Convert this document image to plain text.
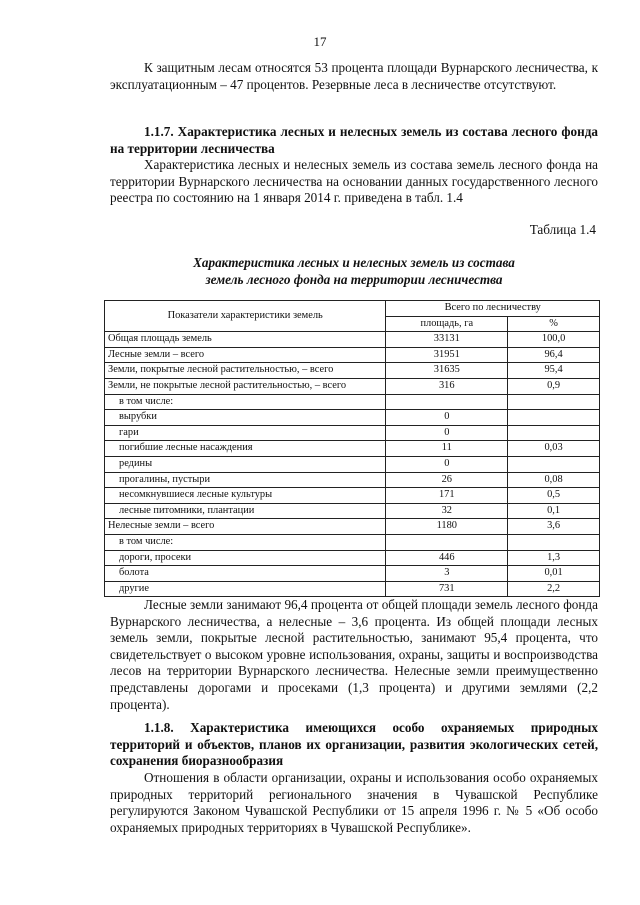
17

К защитным лесам относятся 53 процента площади Вурнарского лесничества, к эксплуатационным – 47 процентов. Резервные леса в лесничестве отсутствуют.

1.1.7. Характеристика лесных и нелесных земель из состава лесного фонда на территории лесничества

Характеристика лесных и нелесных земель из состава земель лесного фонда на территории Вурнарского лесничества на основании данных государственного лесного реестра по состоянию на 1 января 2014 г. приведена в табл. 1.4

Таблица 1.4
Характеристика лесных и нелесных земель из состава
земель лесного фонда на территории лесничества
Показатели характеристики земель	Всего по лесничеству	
	площадь, га	%
Общая площадь земель	33131	100,0
Лесные земли – всего	31951	96,4
Земли, покрытые лесной растительностью, – всего	31635	95,4
Земли, не покрытые лесной растительностью, – всего	316	0,9
в том числе:		
вырубки	0	
гари	0	
погибшие лесные насаждения	11	0,03
редины	0	
прогалины, пустыри	26	0,08
несомкнувшиеся лесные культуры	171	0,5
лесные питомники, плантации	32	0,1
Нелесные земли – всего	1180	3,6
в том числе:		
дороги, просеки	446	1,3
болота	3	0,01
другие	731	2,2

Лесные земли занимают 96,4 процента от общей площади земель лесного фонда Вурнарского лесничества, а нелесные – 3,6 процента. Из общей площади лесных земель земли, покрытые лесной растительностью, занимают 95,4 процента, что свидетельствует о высоком уровне использования, охраны, защиты и воспроизводства лесов на территории Вурнарского лесничества. Нелесные земли преимущественно представлены дорогами и просеками (1,3 процента) и другими землями (2,2 процента).

1.1.8. Характеристика имеющихся особо охраняемых природных территорий и объектов, планов их организации, развития экологических сетей, сохранения биоразнообразия

Отношения в области организации, охраны и использования особо охраняемых природных территорий регионального значения в Чувашской Республике регулируются Законом Чувашской Республики от 15 апреля 1996 г. № 5 «Об особо охраняемых природных территориях в Чувашской Республике».
